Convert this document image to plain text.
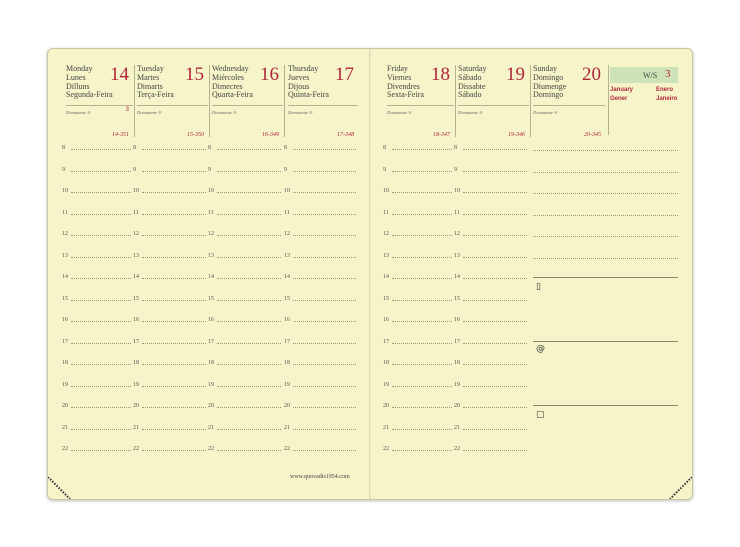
W/S 3
January	Enero
Gener	Janeiro
▯
@
▢
www.quovadis1954.com
Monday
Lunes
Dilluns
Segunda-Feira
14
Dominante ®	3
14-351
8
9
10
11
12
13
14
15
16
17
18
19
20
21
22
Tuesday
Martes
Dimarts
Terça-Feira
15
Dominante ®
15-350
8
9
10
11
12
13
14
15
16
17
18
19
20
21
22
Wednesday
Miércoles
Dimecres
Quarta-Feira
16
Dominante ®
16-349
8
9
10
11
12
13
14
15
16
17
18
19
20
21
22
Thursday
Jueves
Dijous
Quinta-Feira
17
Dominante ®
17-348
8
9
10
11
12
13
14
15
16
17
18
19
20
21
22
Friday
Viernes
Divendres
Sexta-Feira
18
Dominante ®
18-347
8
9
10
11
12
13
14
15
16
17
18
19
20
21
22
Saturday
Sábado
Dissabte
Sábado
19
Dominante ®
19-346
8
9
10
11
12
13
14
15
16
17
18
19
20
21
22
Sunday
Domingo
Diumenge
Domingo
20
Dominante ®
20-345
